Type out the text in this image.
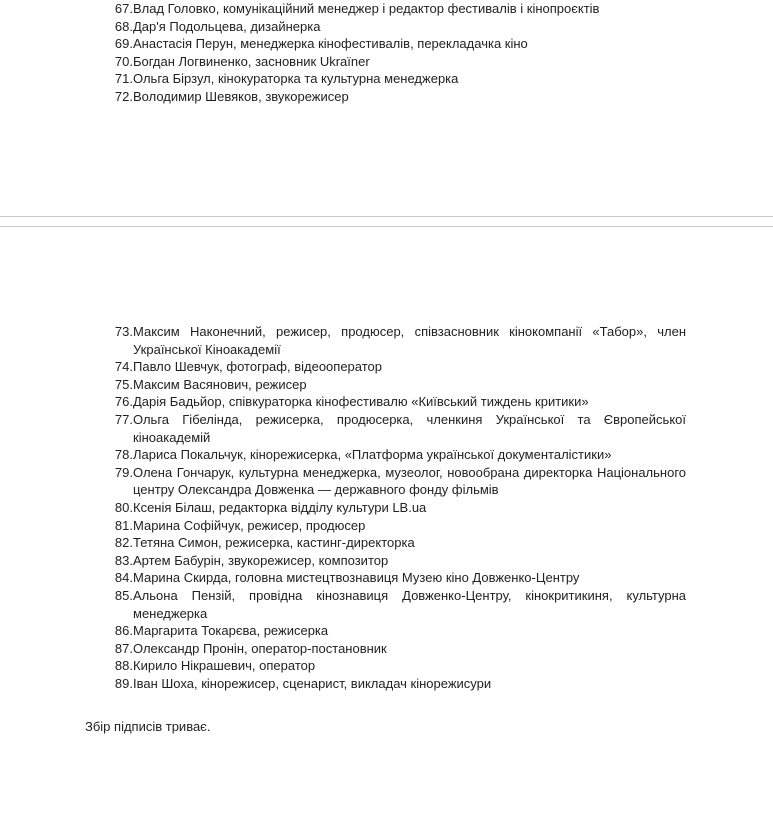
67. Влад Головко, комунікаційний менеджер і редактор фестивалів і кінопроєктів
68. Дар'я Подольцева, дизайнерка
69. Анастасія Перун, менеджерка кінофестивалів, перекладачка кіно
70. Богдан Логвиненко, засновник Ukraїner
71. Ольга Бірзул, кінокураторка та культурна менеджерка
72. Володимир Шевяков, звукорежисер
73. Максим Наконечний, режисер, продюсер, співзасновник кінокомпанії «Табор», член Української Кіноакадемії
74. Павло Шевчук, фотограф, відеооператор
75. Максим Васянович, режисер
76. Дарія Бадьйор, співкураторка кінофестивалю «Київський тиждень критики»
77. Ольга Гібелінда, режисерка, продюсерка, членкиня Української та Європейської кіноакадемій
78. Лариса Покальчук, кінорежисерка, «Платформа української документалістики»
79. Олена Гончарук, культурна менеджерка, музеолог, новообрана директорка Національного центру Олександра Довженка — державного фонду фільмів
80. Ксенія Білаш, редакторка відділу культури LB.ua
81. Марина Софійчук, режисер, продюсер
82. Тетяна Симон, режисерка, кастинг-директорка
83. Артем Бабурін, звукорежисер, композитор
84. Марина Скирда, головна мистецтвознавиця Музею кіно Довженко-Центру
85. Альона Пензій, провідна кінознавиця Довженко-Центру, кінокритикиня, культурна менеджерка
86. Маргарита Токарєва, режисерка
87. Олександр Пронін, оператор-постановник
88. Кирило Нікрашевич, оператор
89. Іван Шоха, кінорежисер, сценарист, викладач кінорежисури

Збір підписів триває.
